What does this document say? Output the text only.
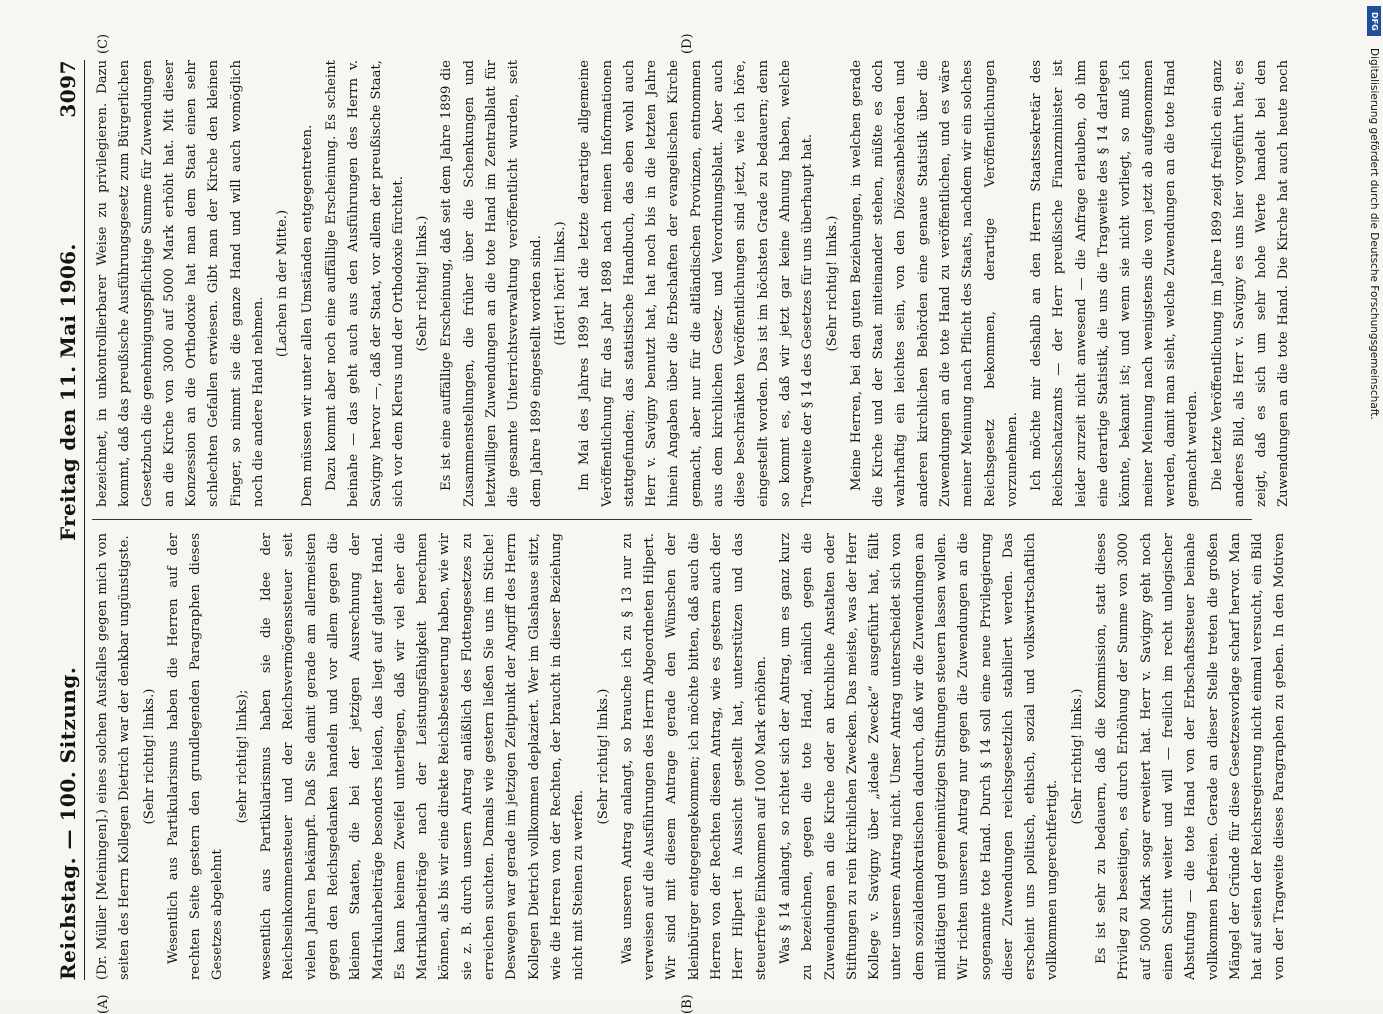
Reichstag. — 100. Sitzung.
Freitag den 11. Mai 1906.
3097
(A)	(B)
(C)	(D)

(Dr. Müller [Meiningen].) eines solchen Ausfalles gegen mich von seiten des Herrn Kollegen Dietrich war der denkbar ungünstigste. (Sehr richtig! links.) Wesentlich aus Partikularismus haben die Herren auf der rechten Seite gestern den grundlegenden Paragraphen dieses Gesetzes abgelehnt

(sehr richtig! links); wesentlich aus Partikularismus haben sie die Idee der Reichseinkommensteuer und der Reichsvermögenssteuer seit vielen Jahren bekämpft. Daß Sie damit gerade am allermeisten gegen den Reichsgedanken handeln und vor allem gegen die kleinen Staaten, die bei der jetzigen Ausrechnung der Matrikularbeiträge besonders leiden, das liegt auf glatter Hand. Es kann keinem Zweifel unterliegen, daß wir viel eher die Matrikularbeiträge nach der Leistungsfähigkeit berechnen können, als bis wir eine direkte Reichsbesteuerung haben, wie wir sie z. B. durch unsern Antrag anläßlich des Flottengesetzes zu erreichen suchten. Damals wie gestern ließen Sie uns im Stiche! Deswegen war gerade im jetzigen Zeitpunkt der Angriff des Herrn Kollegen Dietrich vollkommen deplaziert. Wer im Glashause sitzt, wie die Herren von der Rechten, der braucht in dieser Beziehung nicht mit Steinen zu werfen.

(Sehr richtig! links.) Was unseren Antrag anlangt, so brauche ich zu § 13 nur zu verweisen auf die Ausführungen des Herrn Abgeordneten Hilpert. Wir sind mit diesem Antrage gerade den Wünschen der kleinbürger entgegengekommen; ich möchte bitten, daß auch die Herren von der Rechten diesen Antrag, wie es gestern auch der Herr Hilpert in Aussicht gestellt hat, unterstützen und das steuerfreie Einkommen auf 1000 Mark erhöhen. Was § 14 anlangt, so richtet sich der Antrag, um es ganz kurz zu bezeichnen, gegen die tote Hand, nämlich gegen die Zuwendungen an die Kirche oder an kirchliche Anstalten oder Stiftungen zu rein kirchlichen Zwecken. Das meiste, was der Herr Kollege v. Savigny über „ideale Zwecke“ ausgeführt hat, fällt unter unseren Antrag nicht. Unser Antrag unterscheidet sich von dem sozialdemokratischen dadurch, daß wir die Zuwendungen an mildtätigen und gemeinnützigen Stiftungen steuern lassen wollen. Wir richten unseren Antrag nur gegen die Zuwendungen an die sogenannte tote Hand. Durch § 14 soll eine neue Privilegierung dieser Zuwendungen reichsgesetzlich stabiliert werden. Das erscheint uns politisch, ethisch, sozial und volkswirtschaftlich vollkommen ungerechtfertigt.

(Sehr richtig! links.)

Es ist sehr zu bedauern, daß die Kommission, statt dieses Privileg zu beseitigen, es durch Erhöhung der Summe von 3000 auf 5000 Mark sogar erweitert hat. Herr v. Savigny geht noch einen Schritt weiter und will — freilich im recht unlogischer Abstufung — die tote Hand von der Erbschaftssteuer beinahe vollkommen befreien. Gerade an dieser Stelle treten die großen Mängel der Gründe für diese Gesetzesvorlage scharf hervor. Man hat auf seiten der Reichsregierung nicht einmal versucht, ein Bild von der Tragweite dieses Paragraphen zu geben. In den Motiven

bezeichnet, in unkontrollierbarer Weise zu privilegieren. Dazu kommt, daß das preußische Ausführungsgesetz zum Bürgerlichen Gesetzbuch die genehmigungspflichtige Summe für Zuwendungen an die Kirche von 3000 auf 5000 Mark erhöht hat. Mit dieser Konzession an die Orthodoxie hat man dem Staat einen sehr schlechten Gefallen erwiesen. Gibt man der Kirche den kleinen Finger, so nimmt sie die ganze Hand und will auch womöglich noch die andere Hand nehmen.

(Lachen in der Mitte.) Dem müssen wir unter allen Umständen entgegentreten. Dazu kommt aber noch eine auffällige Erscheinung. Es scheint beinahe — das geht auch aus den Ausführungen des Herrn v. Savigny hervor —, daß der Staat, vor allem der preußische Staat, sich vor dem Klerus und der Orthodoxie fürchtet. (Sehr richtig! links.) Es ist eine auffällige Erscheinung, daß seit dem Jahre 1899 die Zusammenstellungen, die früher über die Schenkungen und letztwilligen Zuwendungen an die tote Hand im Zentralblatt für die gesamte Unterrichtsverwaltung veröffentlicht wurden, seit dem Jahre 1899 eingestellt worden sind. (Hört! hört! links.) Im Mai des Jahres 1899 hat die letzte derartige allgemeine Veröffentlichung für das Jahr 1898 nach meinen Informationen stattgefunden; das statistische Handbuch, das eben wohl auch Herr v. Savigny benutzt hat, hat noch bis in die letzten Jahre hinein Angaben über die Erbschaften der evangelischen Kirche gemacht, aber nur für die altländischen Provinzen, entnommen aus dem kirchlichen Gesetz- und Verordnungsblatt. Aber auch diese beschränkten Veröffentlichungen sind jetzt, wie ich höre, eingestellt worden. Das ist im höchsten Grade zu bedauern; denn so kommt es, daß wir jetzt gar keine Ahnung haben, welche Tragweite der § 14 des Gesetzes für uns überhaupt hat. (Sehr richtig! links.) Meine Herren, bei den guten Beziehungen, in welchen gerade die Kirche und der Staat miteinander stehen, müßte es doch wahrhaftig ein leichtes sein, von den Diözesanbehörden und anderen kirchlichen Behörden eine genaue Statistik über die Zuwendungen an die tote Hand zu veröffentlichen, und es wäre meiner Meinung nach Pflicht des Staats, nachdem wir ein solches Reichsgesetz bekommen, derartige Veröffentlichungen vorzunehmen. Ich möchte mir deshalb an den Herrn Staatssekretär des Reichsschatzamts — der Herr preußische Finanzminister ist leider zurzeit nicht anwesend — die Anfrage erlauben, ob ihm eine derartige Statistik, die uns die Tragweite des § 14 darlegen könnte, bekannt ist; und wenn sie nicht vorliegt, so muß ich meiner Meinung nach wenigstens die von jetzt ab aufgenommen werden, damit man sieht, welche Zuwendungen an die tote Hand gemacht werden. Die letzte Veröffentlichung im Jahre 1899 zeigt freilich ein ganz anderes Bild, als Herr v. Savigny es uns hier vorgeführt hat; es zeigt, daß es sich um sehr hohe Werte handelt bei den Zuwendungen an die tote Hand. Die Kirche hat auch heute noch

DFG
Digitalisierung gefördert durch die Deutsche Forschungsgemeinschaft.
